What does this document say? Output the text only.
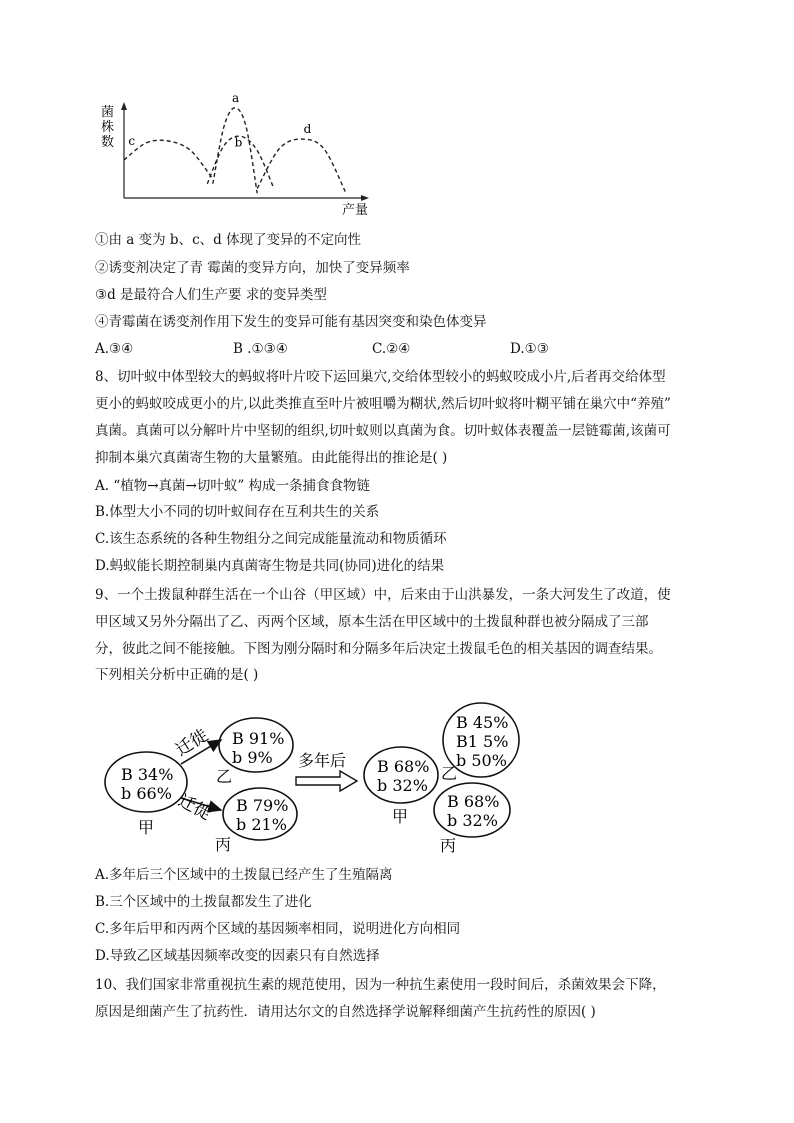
菌
株
数
产量
a
b
c
d
①由 a 变为 b、c、d 体现了变异的不定向性
②诱变剂决定了青 霉菌的变异方向，加快了变异频率
③d 是最符合人们生产要 求的变异类型
④青霉菌在诱变剂作用下发生的变异可能有基因突变和染色体变异
A.③④	B .①③④	C.②④	D.①③
8、切叶蚁中体型较大的蚂蚁将叶片咬下运回巢穴,交给体型较小的蚂蚁咬成小片,后者再交给体型
更小的蚂蚁咬成更小的片,以此类推直至叶片被咀嚼为糊状,然后切叶蚁将叶糊平铺在巢穴中“养殖”
真菌。真菌可以分解叶片中坚韧的组织,切叶蚁则以真菌为食。切叶蚁体表覆盖一层链霉菌,该菌可
抑制本巢穴真菌寄生物的大量繁殖。由此能得出的推论是( )
A. “植物→真菌→切叶蚁” 构成一条捕食食物链
B.体型大小不同的切叶蚁间存在互利共生的关系
C.该生态系统的各种生物组分之间完成能量流动和物质循环
D.蚂蚁能长期控制巢内真菌寄生物是共同(协同)进化的结果
9、一个土拨鼠种群生活在一个山谷（甲区域）中，后来由于山洪暴发，一条大河发生了改道，使
甲区域又另外分隔出了乙、丙两个区域，原本生活在甲区域中的土拨鼠种群也被分隔成了三部
分，彼此之间不能接触。下图为刚分隔时和分隔多年后决定土拨鼠毛色的相关基因的调查结果。
下列相关分析中正确的是( )
B 34%
b 66%
甲
迁徙
迁徙
B 91%
b 9%
乙
B 79%
b 21%
丙
多年后 B 68%
b 32%
甲
B 45%
B1 5%
b 50%
乙
B 68%
b 32%
丙
A.多年后三个区域中的土拨鼠已经产生了生殖隔离
B.三个区域中的土拨鼠都发生了进化
C.多年后甲和丙两个区域的基因频率相同，说明进化方向相同
D.导致乙区域基因频率改变的因素只有自然选择
10、我们国家非常重视抗生素的规范使用，因为一种抗生素使用一段时间后，杀菌效果会下降，
原因是细菌产生了抗药性．请用达尔文的自然选择学说解释细菌产生抗药性的原因( )
